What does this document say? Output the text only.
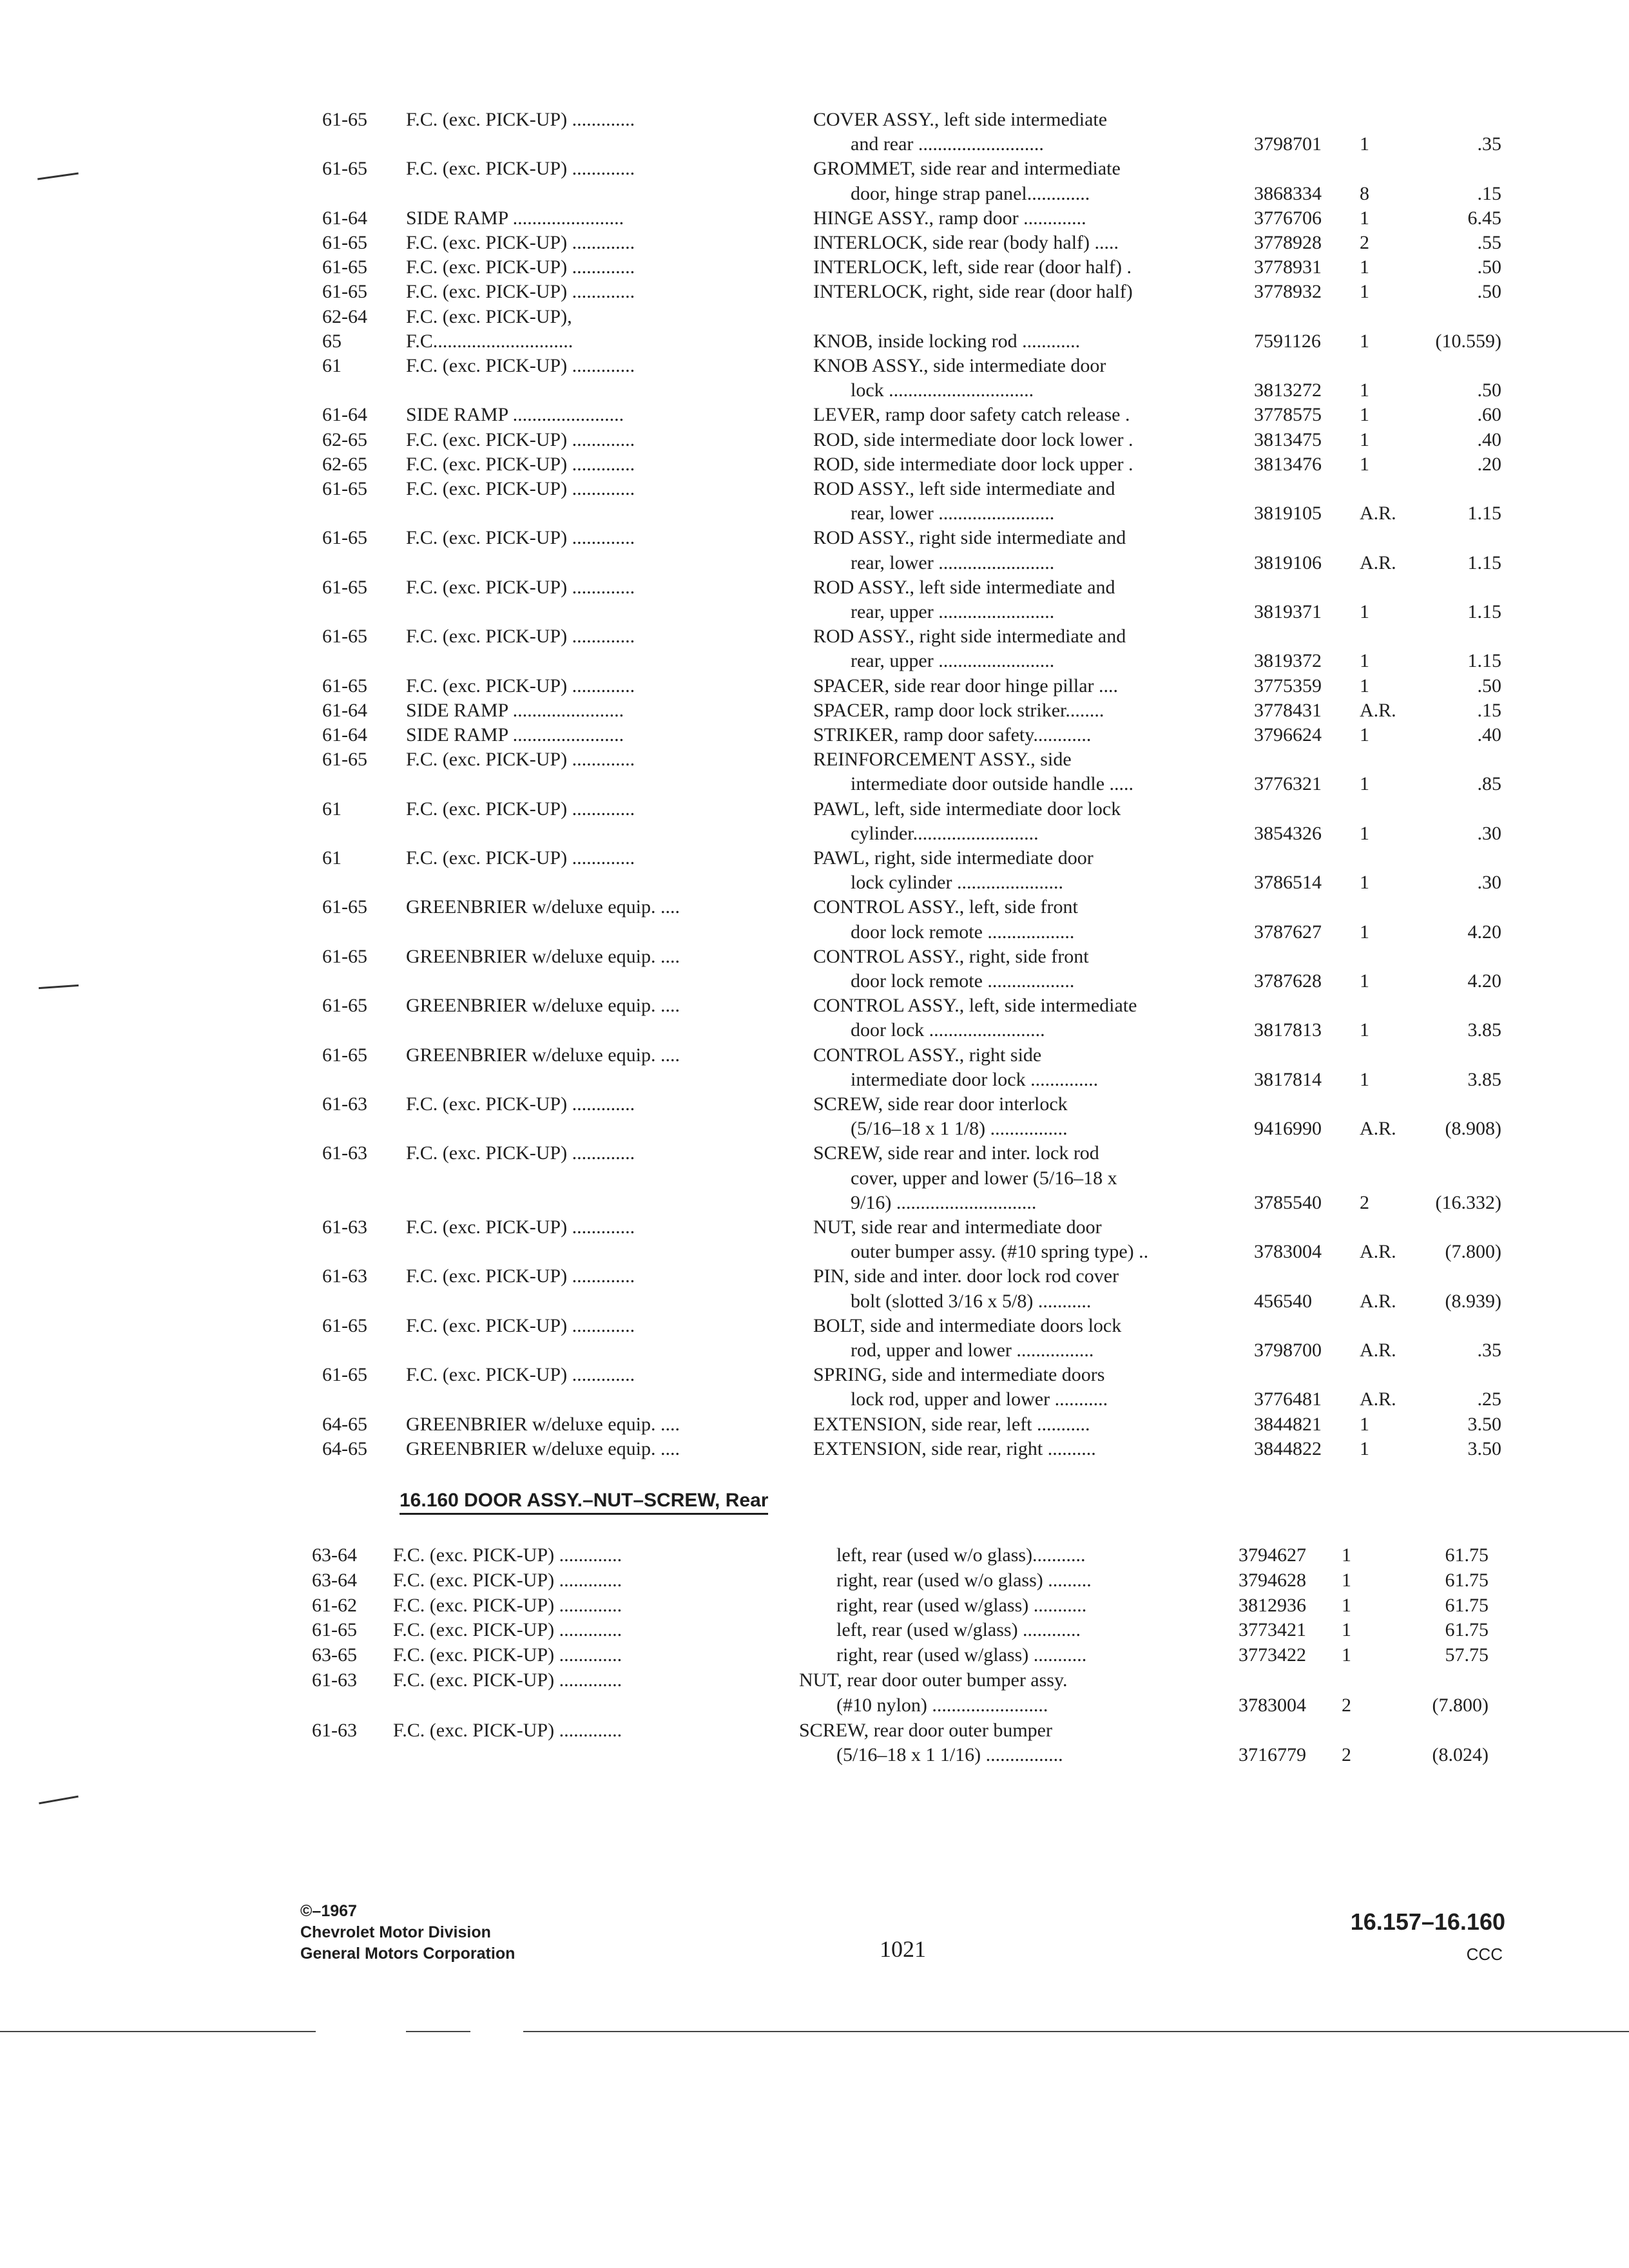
61-65	F.C. (exc. PICK-UP) .............	COVER ASSY., left side intermediate
and rear ..........................	3798701	1	.35
61-65	F.C. (exc. PICK-UP) .............	GROMMET, side rear and intermediate
door, hinge strap panel.............	3868334	8	.15
61-64	SIDE RAMP .......................	HINGE ASSY., ramp door .............	3776706	1	6.45
61-65	F.C. (exc. PICK-UP) .............	INTERLOCK, side rear (body half) .....	3778928	2	.55
61-65	F.C. (exc. PICK-UP) .............	INTERLOCK, left, side rear (door half) .	3778931	1	.50
61-65	F.C. (exc. PICK-UP) .............	INTERLOCK, right, side rear (door half)	3778932	1	.50
62-64	F.C. (exc. PICK-UP),
65	F.C.............................	KNOB, inside locking rod ............	7591126	1	(10.559)
61	F.C. (exc. PICK-UP) .............	KNOB ASSY., side intermediate door
lock ..............................	3813272	1	.50
61-64	SIDE RAMP .......................	LEVER, ramp door safety catch release .	3778575	1	.60
62-65	F.C. (exc. PICK-UP) .............	ROD, side intermediate door lock lower .	3813475	1	.40
62-65	F.C. (exc. PICK-UP) .............	ROD, side intermediate door lock upper .	3813476	1	.20
61-65	F.C. (exc. PICK-UP) .............	ROD ASSY., left side intermediate and
rear, lower ........................	3819105	A.R.	1.15
61-65	F.C. (exc. PICK-UP) .............	ROD ASSY., right side intermediate and
rear, lower ........................	3819106	A.R.	1.15
61-65	F.C. (exc. PICK-UP) .............	ROD ASSY., left side intermediate and
rear, upper ........................	3819371	1	1.15
61-65	F.C. (exc. PICK-UP) .............	ROD ASSY., right side intermediate and
rear, upper ........................	3819372	1	1.15
61-65	F.C. (exc. PICK-UP) .............	SPACER, side rear door hinge pillar ....	3775359	1	.50
61-64	SIDE RAMP .......................	SPACER, ramp door lock striker........	3778431	A.R.	.15
61-64	SIDE RAMP .......................	STRIKER, ramp door safety............	3796624	1	.40
61-65	F.C. (exc. PICK-UP) .............	REINFORCEMENT ASSY., side
intermediate door outside handle .....	3776321	1	.85
61	F.C. (exc. PICK-UP) .............	PAWL, left, side intermediate door lock
cylinder..........................	3854326	1	.30
61	F.C. (exc. PICK-UP) .............	PAWL, right, side intermediate door
lock cylinder ......................	3786514	1	.30
61-65	GREENBRIER w/deluxe equip. ....	CONTROL ASSY., left, side front
door lock remote ..................	3787627	1	4.20
61-65	GREENBRIER w/deluxe equip. ....	CONTROL ASSY., right, side front
door lock remote ..................	3787628	1	4.20
61-65	GREENBRIER w/deluxe equip. ....	CONTROL ASSY., left, side intermediate
door lock ........................	3817813	1	3.85
61-65	GREENBRIER w/deluxe equip. ....	CONTROL ASSY., right side
intermediate door lock ..............	3817814	1	3.85
61-63	F.C. (exc. PICK-UP) .............	SCREW, side rear door interlock
(5/16–18 x 1 1/8) ................	9416990	A.R.	(8.908)
61-63	F.C. (exc. PICK-UP) .............	SCREW, side rear and inter. lock rod
cover, upper and lower (5/16–18 x
9/16) .............................	3785540	2	(16.332)
61-63	F.C. (exc. PICK-UP) .............	NUT, side rear and intermediate door
outer bumper assy. (#10 spring type) ..	3783004	A.R.	(7.800)
61-63	F.C. (exc. PICK-UP) .............	PIN, side and inter. door lock rod cover
bolt (slotted 3/16 x 5/8) ...........	456540	A.R.	(8.939)
61-65	F.C. (exc. PICK-UP) .............	BOLT, side and intermediate doors lock
rod, upper and lower ................	3798700	A.R.	.35
61-65	F.C. (exc. PICK-UP) .............	SPRING, side and intermediate doors
lock rod, upper and lower ...........	3776481	A.R.	.25
64-65	GREENBRIER w/deluxe equip. ....	EXTENSION, side rear, left ...........	3844821	1	3.50
64-65	GREENBRIER w/deluxe equip. ....	EXTENSION, side rear, right ..........	3844822	1	3.50
16.160 DOOR ASSY.–NUT–SCREW, Rear
63-64	F.C. (exc. PICK-UP) .............	left, rear (used w/o glass)...........	3794627	1	61.75
63-64	F.C. (exc. PICK-UP) .............	right, rear (used w/o glass) .........	3794628	1	61.75
61-62	F.C. (exc. PICK-UP) .............	right, rear (used w/glass) ...........	3812936	1	61.75
61-65	F.C. (exc. PICK-UP) .............	left, rear (used w/glass) ............	3773421	1	61.75
63-65	F.C. (exc. PICK-UP) .............	right, rear (used w/glass) ...........	3773422	1	57.75
61-63	F.C. (exc. PICK-UP) .............	NUT, rear door outer bumper assy.
(#10 nylon) ........................	3783004	2	(7.800)
61-63	F.C. (exc. PICK-UP) .............	SCREW, rear door outer bumper
(5/16–18 x 1 1/16) ................	3716779	2	(8.024)
©–1967
Chevrolet Motor Division
General Motors Corporation	1021
16.157–16.160
CCC
